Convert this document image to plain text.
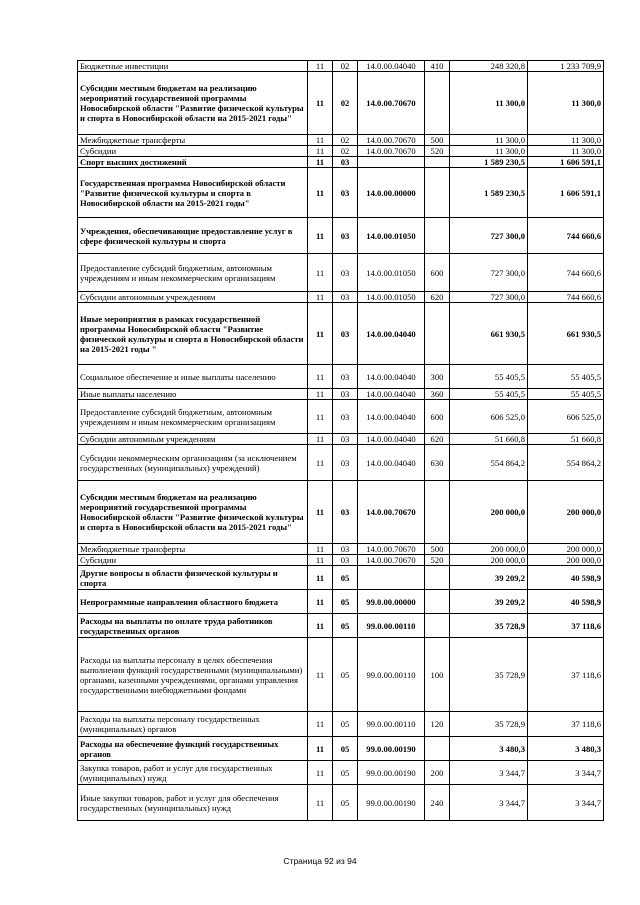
Бюджетные инвестиции	11	02	14.0.00.04040	410	248 320,8	1 233 709,9
Субсидии местным бюджетам на реализацию мероприятий государственной программы Новосибирской области "Развитие физической культуры и спорта в Новосибирской области на 2015-2021 годы"	11	02	14.0.00.70670		11 300,0	11 300,0
Межбюджетные трансферты	11	02	14.0.00.70670	500	11 300,0	11 300,0
Субсидии	11	02	14.0.00.70670	520	11 300,0	11 300,0
Спорт высших достижений	11	03			1 589 230,5	1 606 591,1
Государственная программа Новосибирской области "Развитие физической культуры и спорта в Новосибирской области на 2015-2021 годы"	11	03	14.0.00.00000		1 589 230,5	1 606 591,1
Учреждения, обеспечивающие предоставление услуг в сфере физической культуры и спорта	11	03	14.0.00.01050		727 300,0	744 660,6
Предоставление субсидий бюджетным, автономным учреждениям и иным некоммерческим организациям	11	03	14.0.00.01050	600	727 300,0	744 660,6
Субсидии автономным учреждениям	11	03	14.0.00.01050	620	727 300,0	744 660,6
Иные мероприятия в рамках государственной программы Новосибирской области "Развитие физической культуры и спорта в Новосибирской области на 2015-2021 годы "	11	03	14.0.00.04040		661 930,5	661 930,5
Социальное обеспечение и иные выплаты населению	11	03	14.0.00.04040	300	55 405,5	55 405,5
Иные выплаты населению	11	03	14.0.00.04040	360	55 405,5	55 405,5
Предоставление субсидий бюджетным, автономным учреждениям и иным некоммерческим организациям	11	03	14.0.00.04040	600	606 525,0	606 525,0
Субсидии автономным учреждениям	11	03	14.0.00.04040	620	51 660,8	51 660,8
Субсидии некоммерческим организациям (за исключением государственных (муниципальных) учреждений)	11	03	14.0.00.04040	630	554 864,2	554 864,2
Субсидии местным бюджетам на реализацию мероприятий государственной программы Новосибирской области "Развитие физической культуры и спорта в Новосибирской области на 2015-2021 годы"	11	03	14.0.00.70670		200 000,0	200 000,0
Межбюджетные трансферты	11	03	14.0.00.70670	500	200 000,0	200 000,0
Субсидии	11	03	14.0.00.70670	520	200 000,0	200 000,0
Другие вопросы в области физической культуры и спорта	11	05			39 209,2	40 598,9
Непрограммные направления областного бюджета	11	05	99.0.00.00000		39 209,2	40 598,9
Расходы на выплаты по оплате труда работников государственных органов	11	05	99.0.00.00110		35 728,9	37 118,6
Расходы на выплаты персоналу в целях обеспечения выполнения функций государственными (муниципальными) органами, казенными учреждениями, органами управления государственными внебюджетными фондами	11	05	99.0.00.00110	100	35 728,9	37 118,6
Расходы на выплаты персоналу государственных (муниципальных) органов	11	05	99.0.00.00110	120	35 728,9	37 118,6
Расходы на обеспечение функций государственных органов	11	05	99.0.00.00190		3 480,3	3 480,3
Закупка товаров, работ и услуг для государственных (муниципальных) нужд	11	05	99.0.00.00190	200	3 344,7	3 344,7
Иные закупки товаров, работ и услуг для обеспечения государственных (муниципальных) нужд	11	05	99.0.00.00190	240	3 344,7	3 344,7
Страница 92 из 94
